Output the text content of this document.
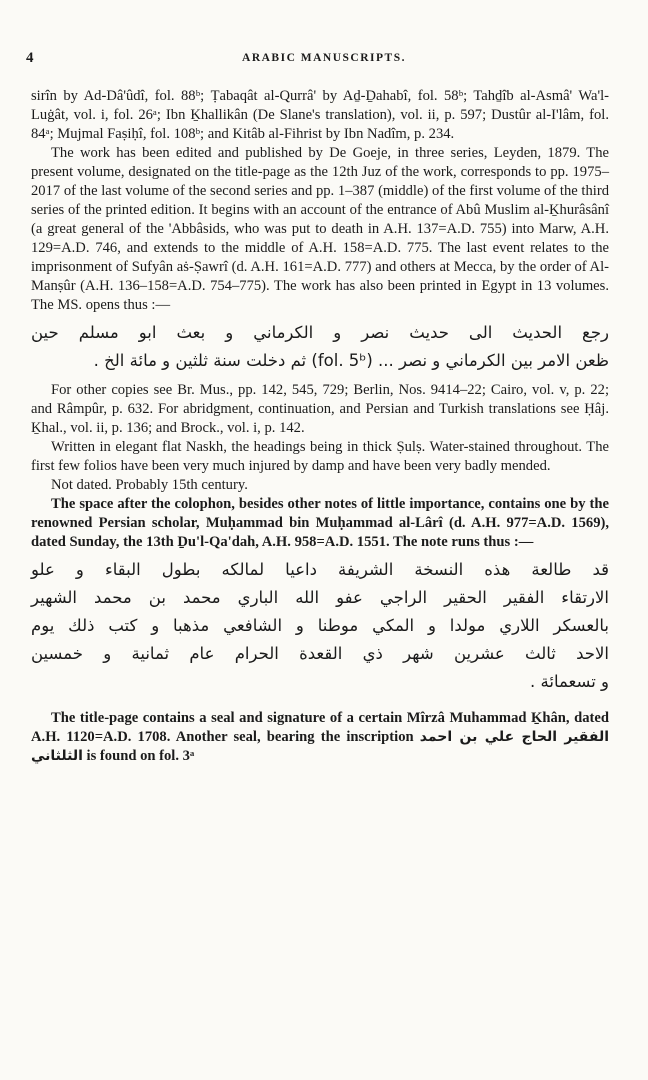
4	ARABIC MANUSCRIPTS.

sirîn by Ad-Dâ'ûdî, fol. 88ᵇ; Ṭabaqât al-Qurrâ' by Aḏ-Ḏahabî, fol. 58ᵇ; Tahḏîb al-Asmâ' Wa'l-Luġât, vol. i, fol. 26ᵃ; Ibn Ḵhallikân (De Slane's translation), vol. ii, p. 597; Dustûr al-I'lâm, fol. 84ᵃ; Mujmal Faṣiḥî, fol. 108ᵇ; and Kitâb al-Fihrist by Ibn Nadîm, p. 234.

The work has been edited and published by De Goeje, in three series, Leyden, 1879. The present volume, designated on the title-page as the 12th Juz of the work, corresponds to pp. 1975–2017 of the last volume of the second series and pp. 1–387 (middle) of the first volume of the third series of the printed edition. It begins with an account of the entrance of Abû Muslim al-Ḵhurâsânî (a great general of the 'Abbâsids, who was put to death in A.H. 137=A.D. 755) into Marw, A.H. 129=A.D. 746, and extends to the middle of A.H. 158=A.D. 775. The last event relates to the imprisonment of Sufyân aṡ-Ṣawrî (d. A.H. 161=A.D. 777) and others at Mecca, by the order of Al-Manṣûr (A.H. 136–158=A.D. 754–775). The work has also been printed in Egypt in 13 volumes. The MS. opens thus :—

رجع الحديث الى حديث نصر و الكرماني و بعث ابو مسلم حين

ظعن الامر بين الكرماني و نصر ... (fol. 5ᵇ) ثم دخلت سنة ثلثين و مائة الخ .

For other copies see Br. Mus., pp. 142, 545, 729; Berlin, Nos. 9414–22; Cairo, vol. v, p. 22; and Râmpûr, p. 632. For abridgment, continuation, and Persian and Turkish translations see Ḥâj. Ḵhal., vol. ii, p. 136; and Brock., vol. i, p. 142.

Written in elegant flat Naskh, the headings being in thick Ṣulṣ. Water-stained throughout. The first few folios have been very much injured by damp and have been very badly mended.

Not dated. Probably 15th century.

The space after the colophon, besides other notes of little importance, contains one by the renowned Persian scholar, Muḥammad bin Muḥammad al-Lârî (d. A.H. 977=A.D. 1569), dated Sunday, the 13th Ḏu'l-Qa'dah, A.H. 958=A.D. 1551. The note runs thus :—

قد طالعة هذه النسخة الشريفة داعيا لمالكه بطول البقاء و علو

الارتقاء الفقير الحقير الراجي عفو الله الباري محمد بن محمد الشهير

بالعسكر اللاري مولدا و المكي موطنا و الشافعي مذهبا و كتب ذلك يوم

الاحد ثالث عشرين شهر ذي القعدة الحرام عام ثمانية و خمسين

و تسعمائة .

The title-page contains a seal and signature of a certain Mîrzâ Muhammad Ḵhân, dated A.H. 1120=A.D. 1708. Another seal, bearing the inscription الفقير الحاج علي بن احمد الثلثاني is found on fol. 3ᵃ
